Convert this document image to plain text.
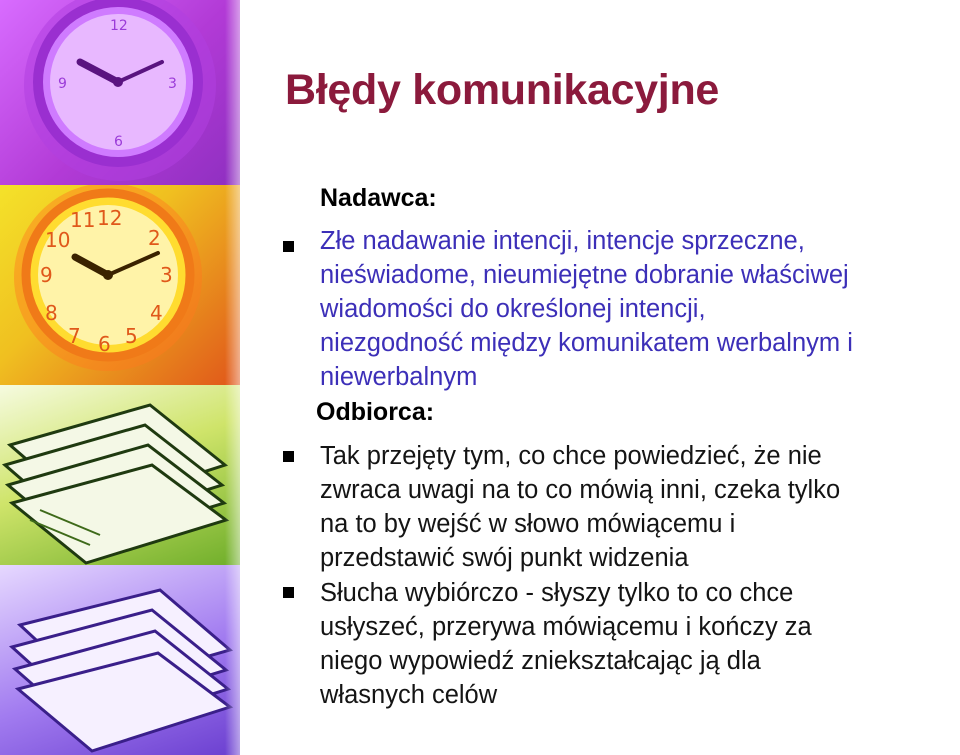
12
3
6
9
12
2
3
4
5
6
7
8
9
10
11
Błędy komunikacyjne
Nadawca:

Złe nadawanie intencji, intencje sprzeczne,
nieświadome, nieumiejętne dobranie właściwej
wiadomości do określonej intencji,
niezgodność między komunikatem werbalnym i
niewerbalnym

Odbiorca:

Tak przejęty tym, co chce powiedzieć, że nie
zwraca uwagi na to co mówią inni, czeka tylko
na to by wejść w słowo mówiącemu i
przedstawić swój punkt widzenia

Słucha wybiórczo - słyszy tylko to co chce
usłyszeć, przerywa mówiącemu i kończy za
niego wypowiedź zniekształcając ją dla
własnych celów
